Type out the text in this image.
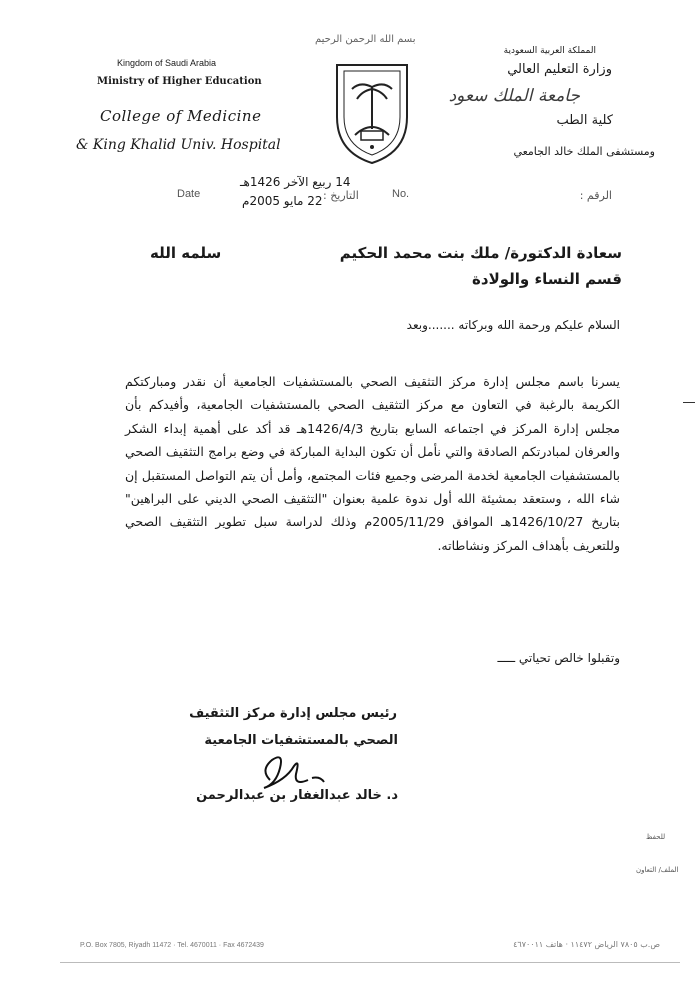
Kingdom of Saudi Arabia
Ministry of Higher Education
College of Medicine
& King Khalid Univ. Hospital
بسم الله الرحمن الرحيم
المملكة العربية السعودية
وزارة التعليم العالي
جامعة الملك سعود
كلية الطب
ومستشفى الملك خالد الجامعي
14 ربيع الآخر 1426هـ
22 مايو 2005م
Date	التاريخ :	No.	الرقم :
سعادة الدكتورة/ ملك بنت محمد الحكيم
سلمه الله
قسم النساء والولادة
السلام عليكم ورحمة الله وبركاته .......وبعد
يسرنا باسم مجلس إدارة مركز التثقيف الصحي بالمستشفيات الجامعية أن نقدر ومباركتكم الكريمة بالرغبة في التعاون مع مركز التثقيف الصحي بالمستشفيات الجامعية، وأفيدكم بأن مجلس إدارة المركز في اجتماعه السابع بتاريخ 1426/4/3هـ قد أكد على أهمية إبداء الشكر والعرفان لمبادرتكم الصادقة والتي نأمل أن تكون البداية المباركة في وضع برامج التثقيف الصحي بالمستشفيات الجامعية لخدمة المرضى وجميع فئات المجتمع، وأمل أن يتم التواصل المستقبل إن شاء الله ، وستعقد بمشيئة الله أول ندوة علمية بعنوان "التثقيف الصحي الديني على البراهين" بتاريخ 1426/10/27هـ الموافق 2005/11/29م وذلك لدراسة سبل تطوير التثقيف الصحي وللتعريف بأهداف المركز ونشاطاته.
وتقبلوا خالص تحياتي ـــــ
رئيس مجلس إدارة مركز التثقيف
الصحي بالمستشفيات الجامعية
د. خالد عبدالغفار بن عبدالرحمن
للحفظ
الملف/ التعاون
P.O. Box 7805, Riyadh 11472 · Tel. 4670011 · Fax 4672439	ص.ب ٧٨٠٥ الرياض ١١٤٧٢ · هاتف ٤٦٧٠٠١١
